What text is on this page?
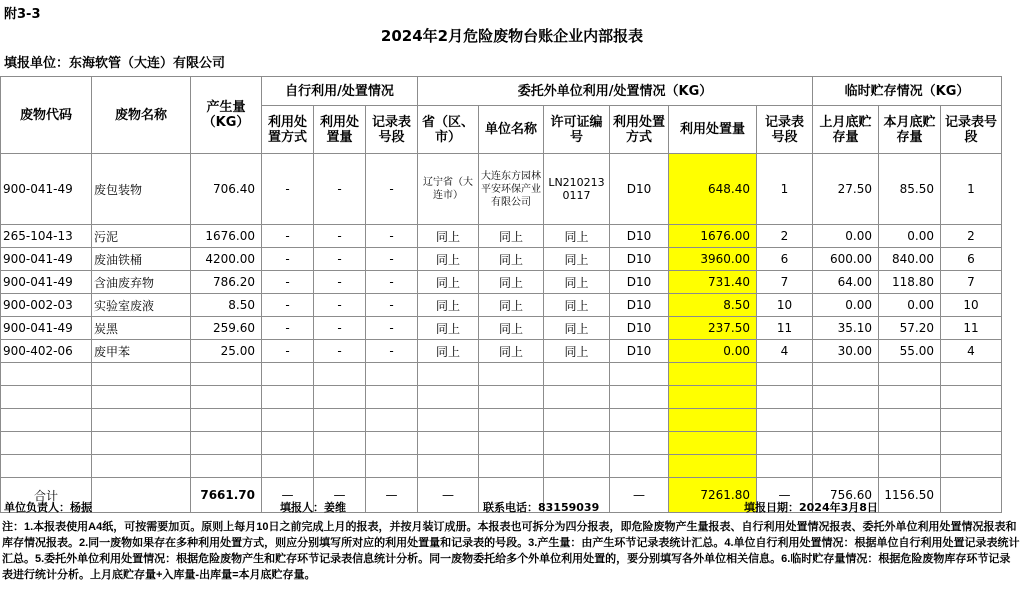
附3-3
2024年2月危险废物台账企业内部报表
填报单位：东海软管（大连）有限公司
废物代码	废物名称	产生量（KG）	自行利用/处置情况			委托外单位利用/处置情况（KG）						临时贮存情况（KG）		
			利用处置方式	利用处置量	记录表号段	省（区、市）	单位名称	许可证编号	利用处置方式	利用处置量	记录表号段	上月底贮存量	本月底贮存量	记录表号段
900-041-49	废包装物	706.40	-	-	-	辽宁省（大连市）	大连东方园林平安环保产业有限公司	LN2102130117	D10	648.40	1	27.50	85.50	1
265-104-13	污泥	1676.00	-	-	-	同上	同上	同上	D10	1676.00	2	0.00	0.00	2
900-041-49	废油铁桶	4200.00	-	-	-	同上	同上	同上	D10	3960.00	6	600.00	840.00	6
900-041-49	含油废弃物	786.20	-	-	-	同上	同上	同上	D10	731.40	7	64.00	118.80	7
900-002-03	实验室废液	8.50	-	-	-	同上	同上	同上	D10	8.50	10	0.00	0.00	10
900-041-49	炭黑	259.60	-	-	-	同上	同上	同上	D10	237.50	11	35.10	57.20	11
900-402-06	废甲苯	25.00	-	-	-	同上	同上	同上	D10	0.00	4	30.00	55.00	4

合计		7661.70	—	—	—	—			—	7261.80	—	756.60	1156.50	
单位负责人：杨振	填报人：姜维	联系电话：83159039	填报日期：2024年3月8日
注：1.本报表使用A4纸，可按需要加页。原则上每月10日之前完成上月的报表，并按月装订成册。本报表也可拆分为四分报表，即危险废物产生量报表、自行利用处置情况报表、委托外单位利用处置情况报表和库存情况报表。2.同一废物如果存在多种利用处置方式，则应分别填写所对应的利用处置量和记录表的号段。3.产生量：由产生环节记录表统计汇总。4.单位自行利用处置情况：根据单位自行利用处置记录表统计汇总。5.委托外单位利用处置情况：根据危险废物产生和贮存环节记录表信息统计分析。同一废物委托给多个外单位利用处置的，要分别填写各外单位相关信息。6.临时贮存量情况：根据危险废物库存环节记录表进行统计分析。上月底贮存量+入库量-出库量=本月底贮存量。
